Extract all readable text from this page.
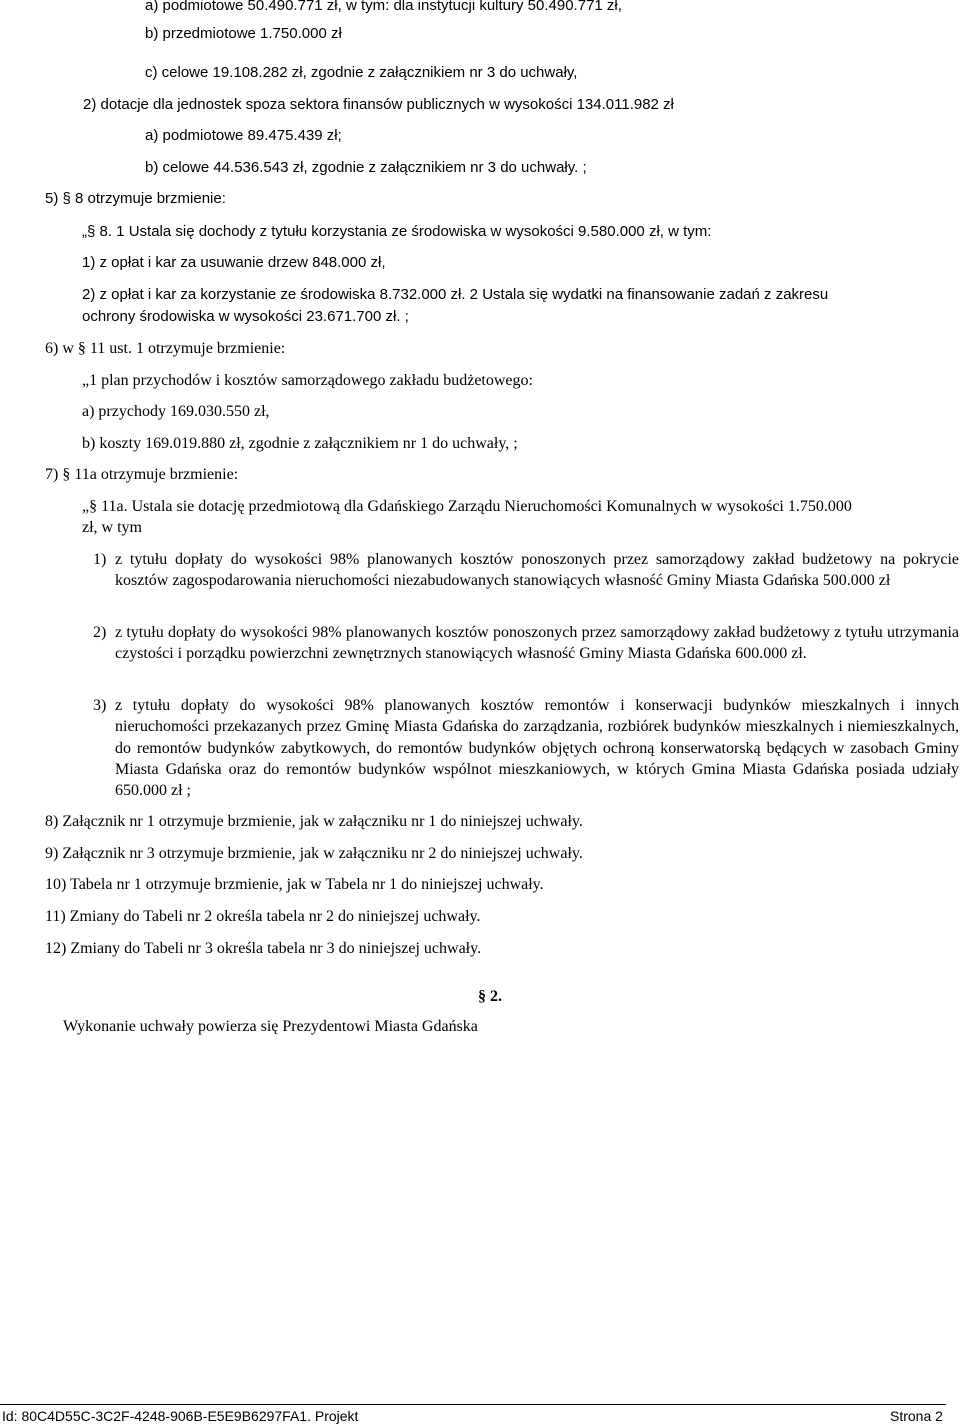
a) podmiotowe 50.490.771 zł, w tym: dla instytucji kultury 50.490.771 zł,

b) przedmiotowe 1.750.000 zł

c) celowe 19.108.282 zł, zgodnie z załącznikiem nr 3 do uchwały,

2) dotacje dla jednostek spoza sektora finansów publicznych w wysokości 134.011.982 zł

a) podmiotowe 89.475.439 zł;

b) celowe 44.536.543 zł, zgodnie z załącznikiem nr 3 do uchwały. ;

5) § 8 otrzymuje brzmienie:

„§ 8. 1 Ustala się dochody z tytułu korzystania ze środowiska w wysokości 9.580.000 zł, w tym:

1) z opłat i kar za usuwanie drzew 848.000 zł,

2) z opłat i kar za korzystanie ze środowiska 8.732.000 zł. 2 Ustala się wydatki na finansowanie zadań z zakresu

ochrony środowiska w wysokości 23.671.700 zł. ;

6) w § 11 ust. 1 otrzymuje brzmienie:

„1 plan przychodów i kosztów samorządowego zakładu budżetowego:

a) przychody 169.030.550 zł,

b) koszty 169.019.880 zł, zgodnie z załącznikiem nr 1 do uchwały, ;

7) § 11a otrzymuje brzmienie:

„§ 11a. Ustala sie dotację przedmiotową dla Gdańskiego Zarządu Nieruchomości Komunalnych w wysokości 1.750.000

zł, w tym

1) z tytułu dopłaty do wysokości 98% planowanych kosztów ponoszonych przez samorządowy zakład budżetowy na pokrycie kosztów zagospodarowania nieruchomości niezabudowanych stanowiących własność Gminy Miasta Gdańska 500.000 zł
2) z tytułu dopłaty do wysokości 98% planowanych kosztów ponoszonych przez samorządowy zakład budżetowy z tytułu utrzymania czystości i porządku powierzchni zewnętrznych stanowiących własność Gminy Miasta Gdańska 600.000 zł.
3) z tytułu dopłaty do wysokości 98% planowanych kosztów remontów i konserwacji budynków mieszkalnych i innych nieruchomości przekazanych przez Gminę Miasta Gdańska do zarządzania, rozbiórek budynków mieszkalnych i niemieszkalnych, do remontów budynków zabytkowych, do remontów budynków objętych ochroną konserwatorską będących w zasobach Gminy Miasta Gdańska oraz do remontów budynków wspólnot mieszkaniowych, w których Gmina Miasta Gdańska posiada udziały 650.000 zł ;

8) Załącznik nr 1 otrzymuje brzmienie, jak w załączniku nr 1 do niniejszej uchwały.

9) Załącznik nr 3 otrzymuje brzmienie, jak w załączniku nr 2 do niniejszej uchwały.

10) Tabela nr 1 otrzymuje brzmienie, jak w Tabela nr 1 do niniejszej uchwały.

11) Zmiany do Tabeli nr 2 określa tabela nr 2 do niniejszej uchwały.

12) Zmiany do Tabeli nr 3 określa tabela nr 3 do niniejszej uchwały.

§ 2.

Wykonanie uchwały powierza się Prezydentowi Miasta Gdańska

Id: 80C4D55C-3C2F-4248-906B-E5E9B6297FA1. Projekt	Strona 2
